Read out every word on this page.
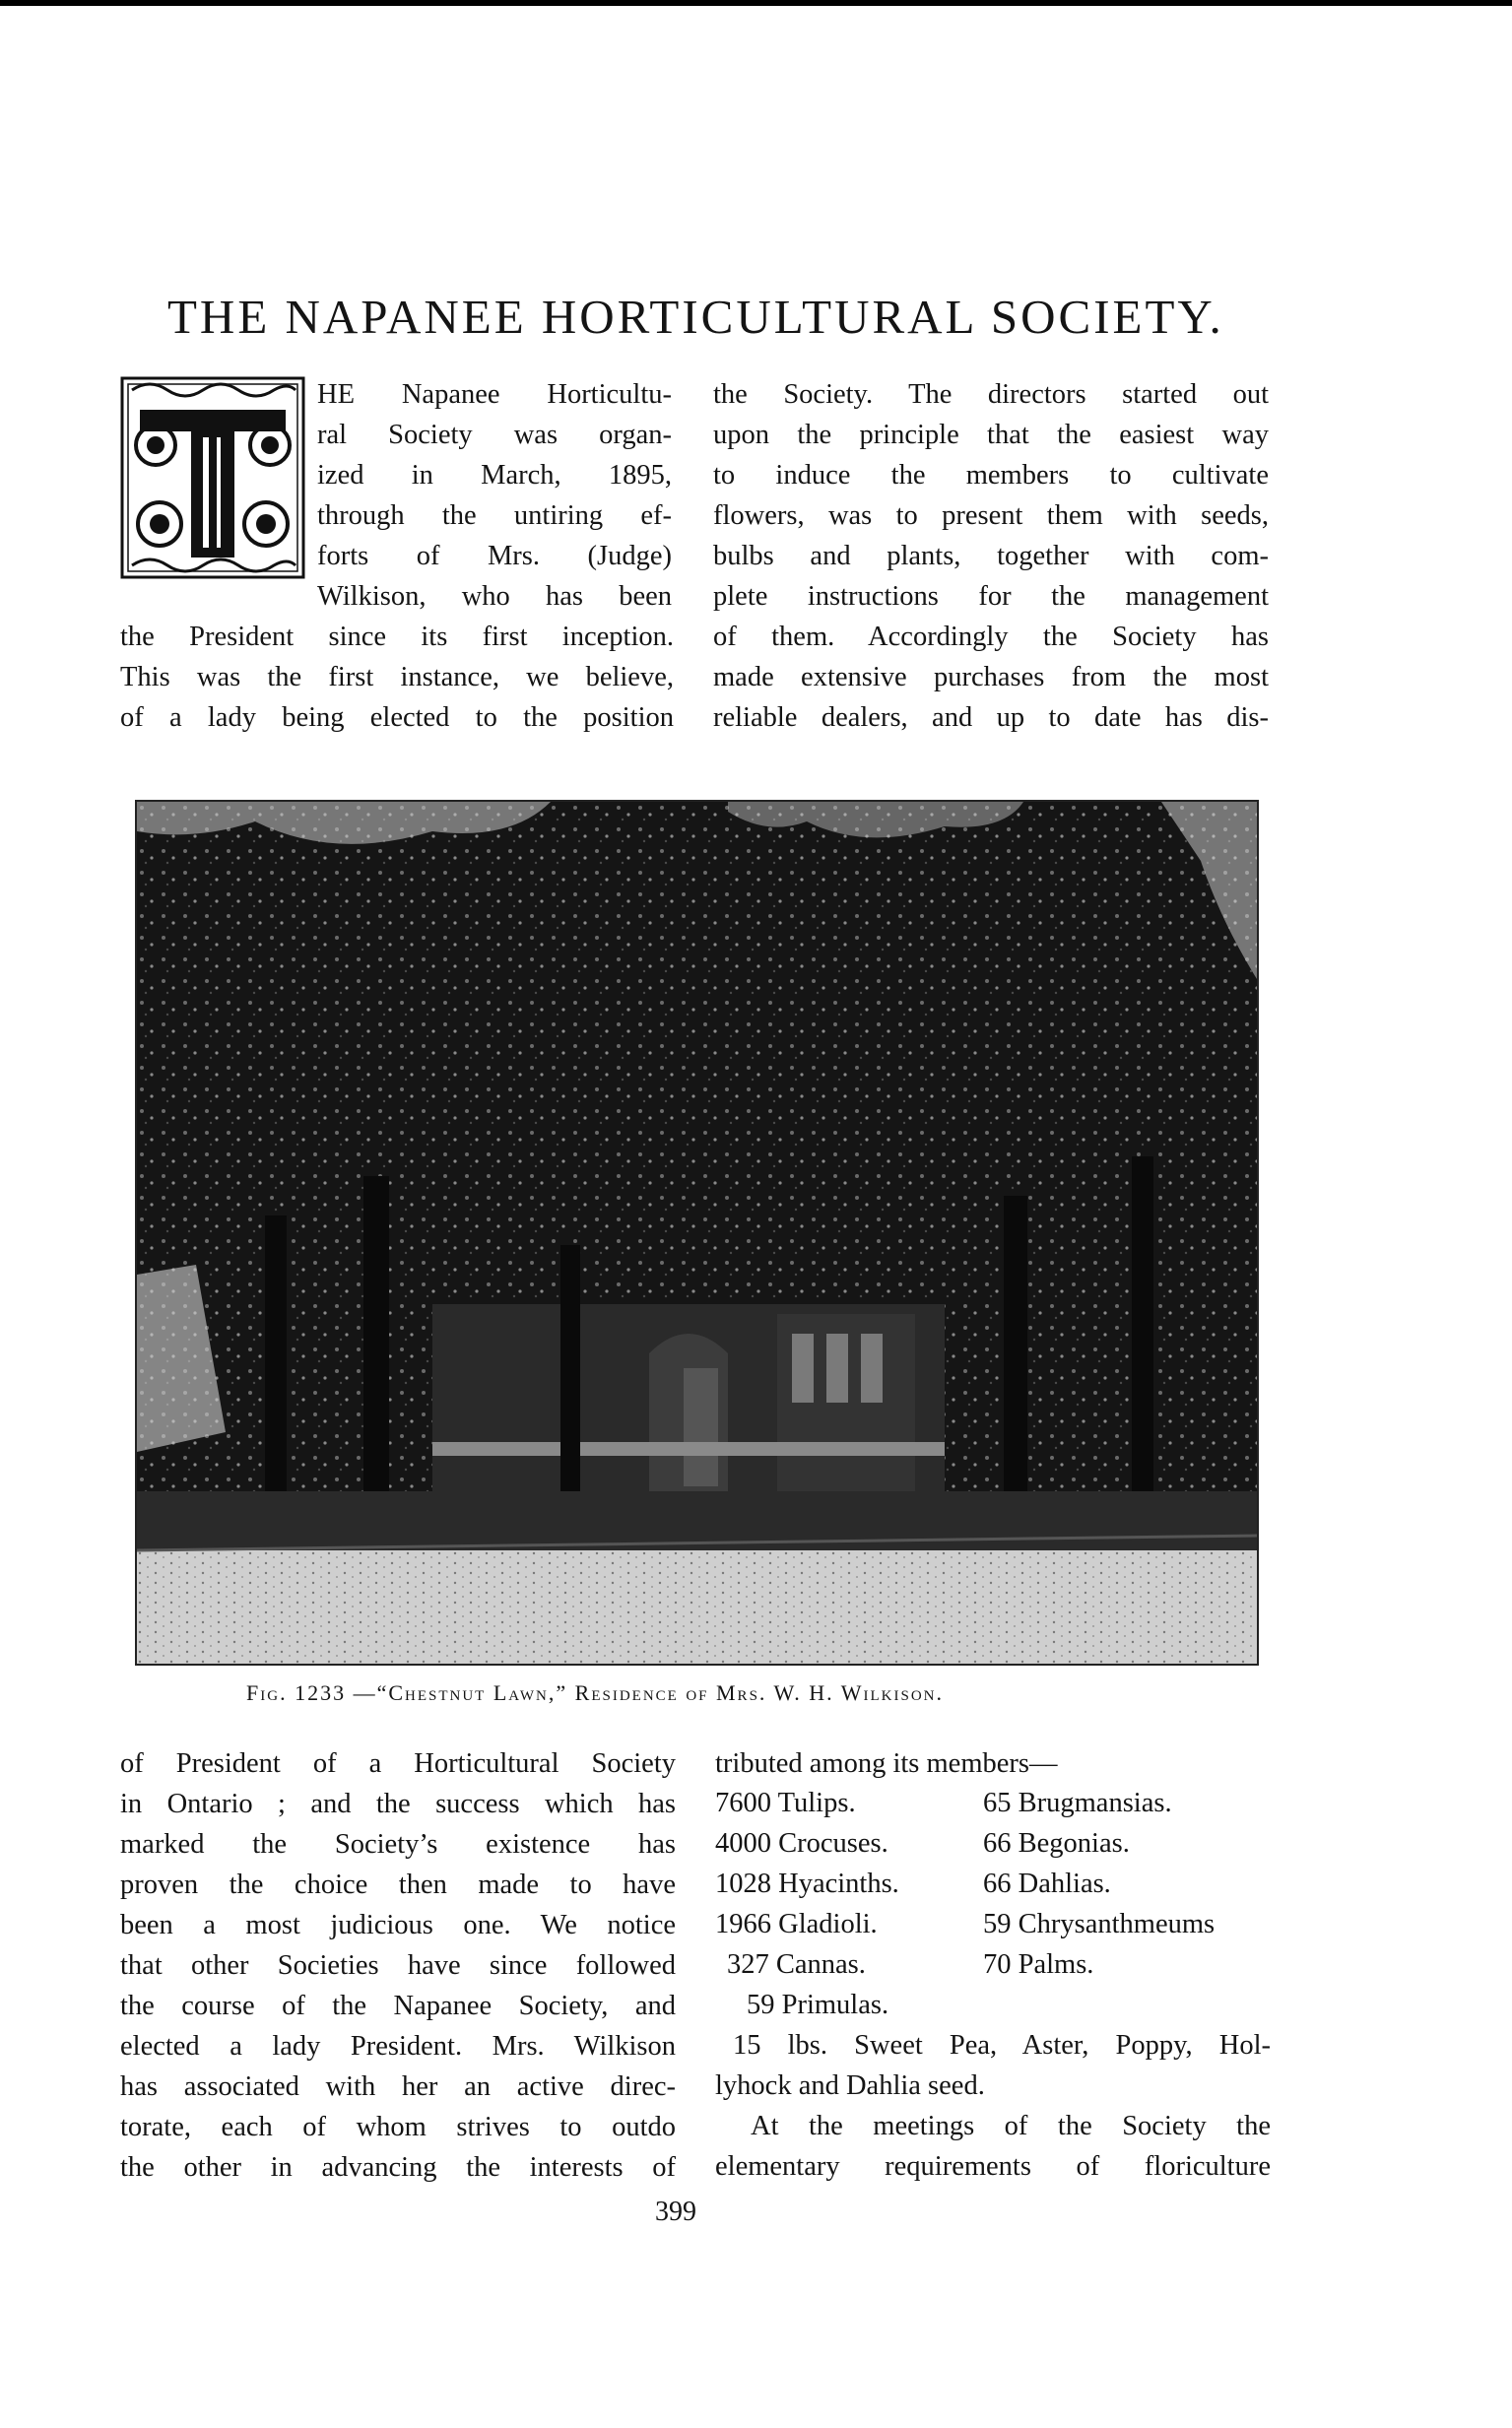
THE NAPANEE HORTICULTURAL SOCIETY.
HE Napanee Horticultu-
ral Society was organ-
ized in March, 1895,
through the untiring ef-
forts of Mrs. (Judge)
Wilkison, who has been
the President since its first inception.
This was the first instance, we believe,
of a lady being elected to the position
the Society. The directors started out
upon the principle that the easiest way
to induce the members to cultivate
flowers, was to present them with seeds,
bulbs and plants, together with com-
plete instructions for the management
of them. Accordingly the Society has
made extensive purchases from the most
reliable dealers, and up to date has dis-
Fig. 1233 —“Chestnut Lawn,” Residence of Mrs. W. H. Wilkison.
of President of a Horticultural Society
in Ontario ; and the success which has
marked the Society’s existence has
proven the choice then made to have
been a most judicious one. We notice
that other Societies have since followed
the course of the Napanee Society, and
elected a lady President. Mrs. Wilkison
has associated with her an active direc-
torate, each of whom strives to outdo
the other in advancing the interests of
tributed among its members—
7600 Tulips.	65 Brugmansias.
4000 Crocuses.	66 Begonias.
1028 Hyacinths.	66 Dahlias.
1966 Gladioli.	59 Chrysanthmeums
327 Cannas.	70 Palms.
59 Primulas.
15 lbs. Sweet Pea, Aster, Poppy, Hol-
lyhock and Dahlia seed.
At the meetings of the Society the
elementary requirements of floriculture
399
